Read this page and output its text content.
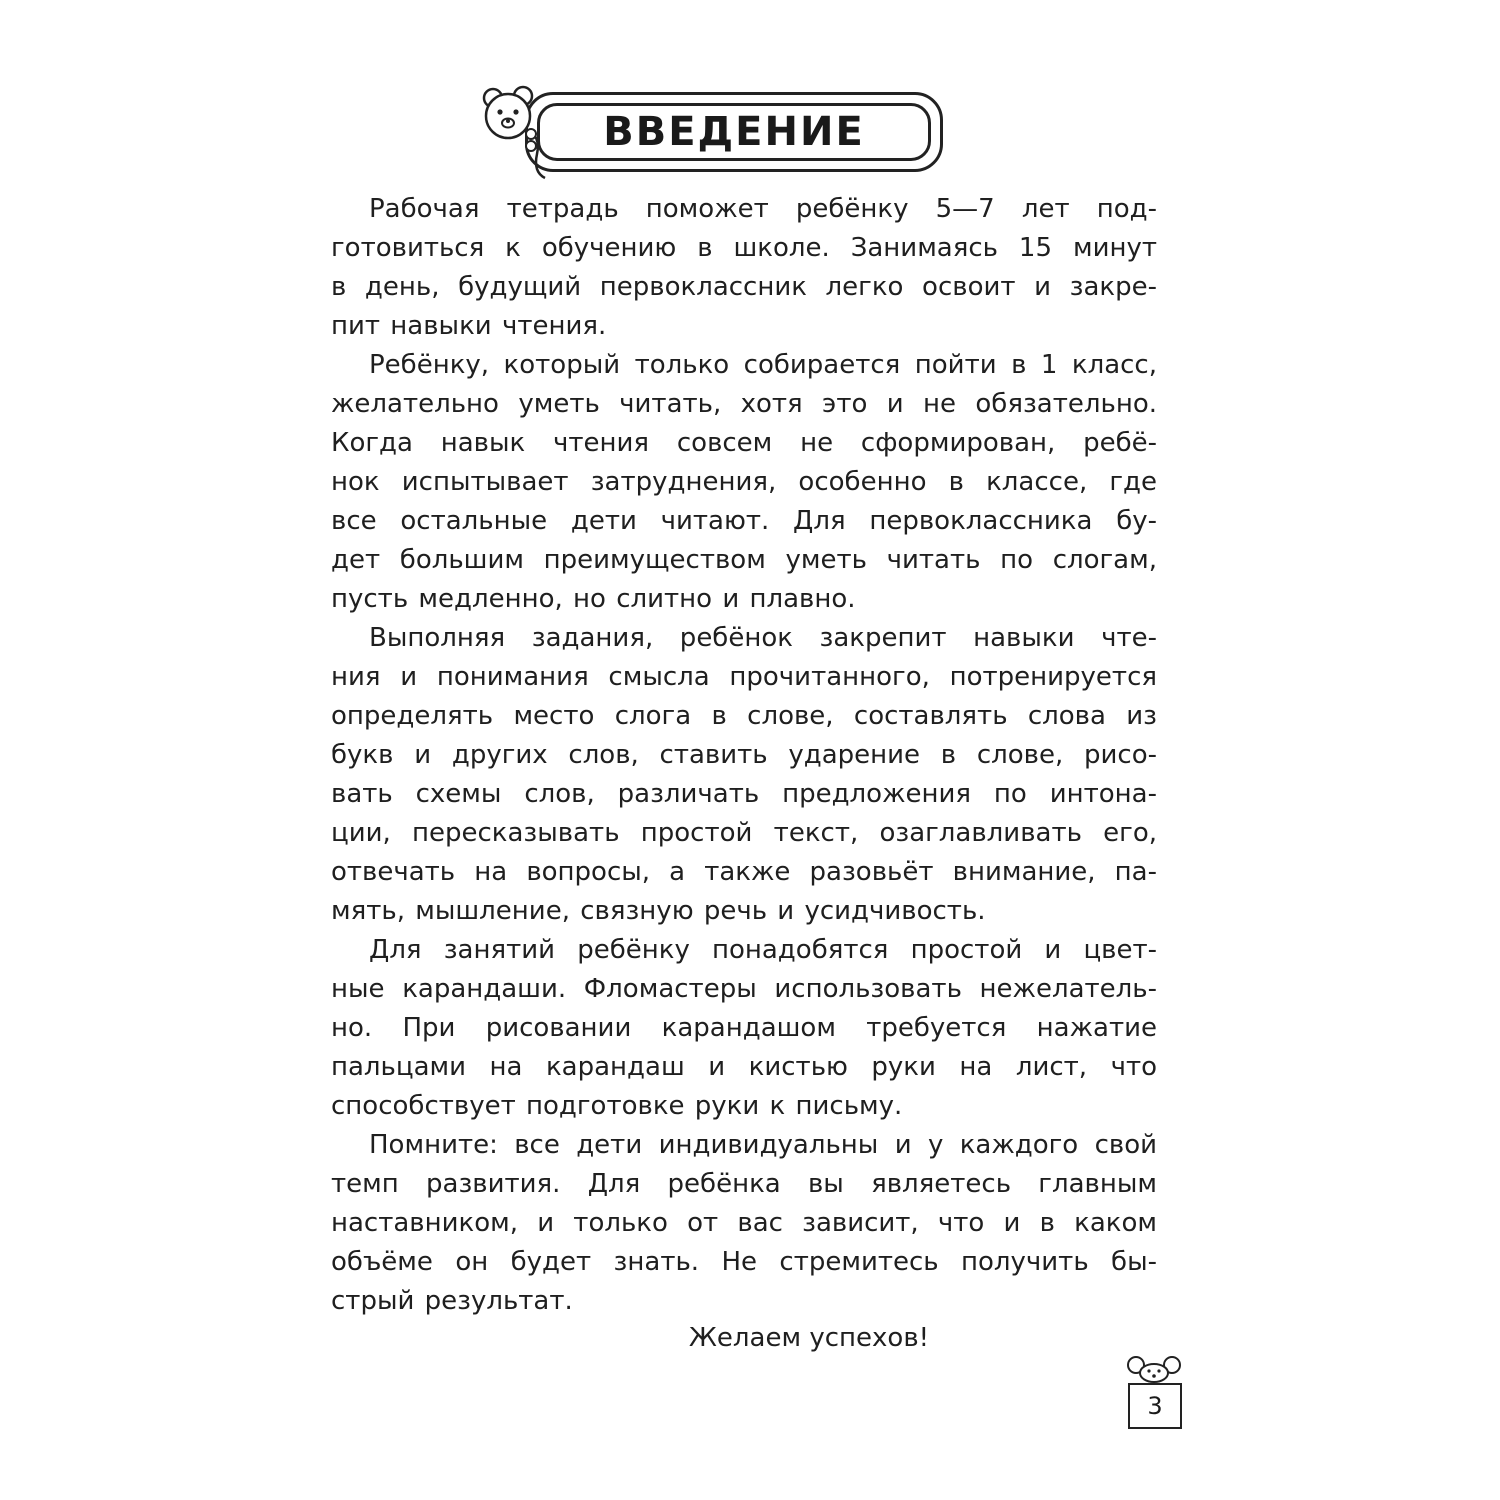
ВВЕДЕНИЕ
Рабочая тетрадь поможет ребёнку 5—7 лет под-
готовиться к обучению в школе. Занимаясь 15 минут
в день, будущий первоклассник легко освоит и закре-
пит навыки чтения.
Ребёнку, который только собирается пойти в 1 класс,
желательно уметь читать, хотя это и не обязательно.
Когда навык чтения совсем не сформирован, ребё-
нок испытывает затруднения, особенно в классе, где
все остальные дети читают. Для первоклассника бу-
дет большим преимуществом уметь читать по слогам,
пусть медленно, но слитно и плавно.
Выполняя задания, ребёнок закрепит навыки чте-
ния и понимания смысла прочитанного, потренируется
определять место слога в слове, составлять слова из
букв и других слов, ставить ударение в слове, рисо-
вать схемы слов, различать предложения по интона-
ции, пересказывать простой текст, озаглавливать его,
отвечать на вопросы, а также разовьёт внимание, па-
мять, мышление, связную речь и усидчивость.
Для занятий ребёнку понадобятся простой и цвет-
ные карандаши. Фломастеры использовать нежелатель-
но. При рисовании карандашом требуется нажатие
пальцами на карандаш и кистью руки на лист, что
способствует подготовке руки к письму.
Помните: все дети индивидуальны и у каждого свой
темп развития. Для ребёнка вы являетесь главным
наставником, и только от вас зависит, что и в каком
объёме он будет знать. Не стремитесь получить бы-
стрый результат.
Желаем успехов!
3
